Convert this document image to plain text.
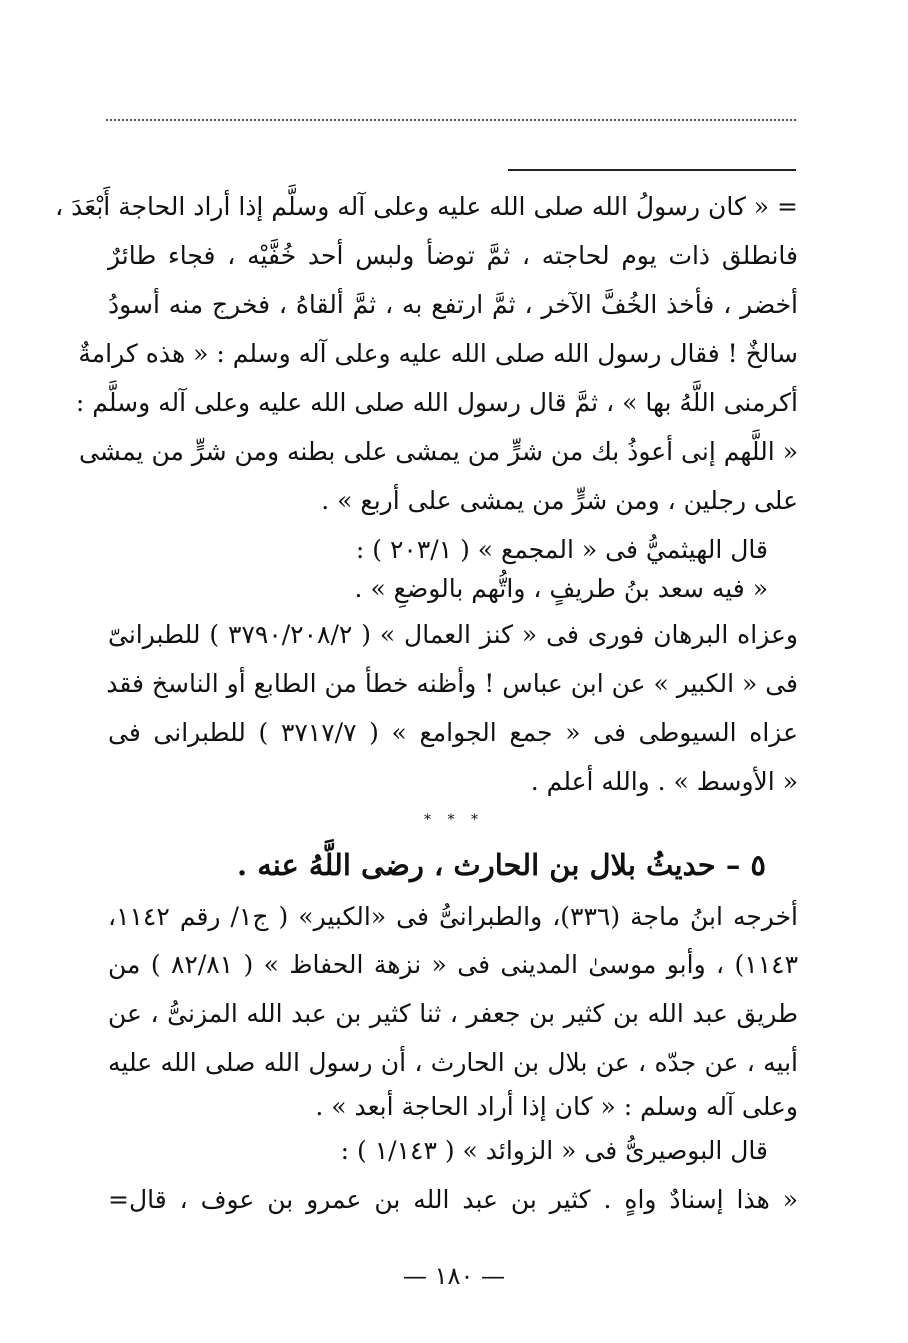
= « كان رسولُ الله صلى الله عليه وعلى آله وسلَّم إذا أراد الحاجة أَبْعَدَ ،
فانطلق ذات يوم لحاجته ، ثمَّ توضأ ولبس أحد خُفَّيْه ، فجاء طائرٌ
أخضر ، فأخذ الخُفَّ الآخر ، ثمَّ ارتفع به ، ثمَّ ألقاهُ ، فخرج منه أسودُ
سالخٌ ! فقال رسول الله صلى الله عليه وعلى آله وسلم : « هذه كرامةٌ
أكرمنى اللَّهُ بها » ، ثمَّ قال رسول الله صلى الله عليه وعلى آله وسلَّم :
« اللَّهم إنى أعوذُ بك من شرٍّ من يمشى على بطنه ومن شرٍّ من يمشى
على رجلين ، ومن شرٍّ من يمشى على أربع » .
قال الهيثميُّ فى « المجمع » ( ٢٠٣/١ ) :
« فيه سعد بنُ طريفٍ ، واتُّهم بالوضعِ » .
وعزاه البرهان فورى فى « كنز العمال » ( ٣٧٩٠/٢٠٨/٢ ) للطبرانىّ
فى « الكبير » عن ابن عباس ! وأظنه خطأ من الطابع أو الناسخ فقد
عزاه السيوطى فى « جمع الجوامع » ( ٣٧١٧/٧ ) للطبرانى فى
« الأوسط » . والله أعلم .
* * *
٥ – حديثُ بلال بن الحارث ، رضى اللَّهُ عنه .
أخرجه ابنُ ماجة (٣٣٦)، والطبرانىُّ فى «الكبير» ( ج١/ رقم ١١٤٢،
١١٤٣) ، وأبو موسىٰ المدينى فى « نزهة الحفاظ » ( ٨٢/٨١ ) من
طريق عبد الله بن كثير بن جعفر ، ثنا كثير بن عبد الله المزنىُّ ، عن
أبيه ، عن جدّه ، عن بلال بن الحارث ، أن رسول الله صلى الله عليه
وعلى آله وسلم : « كان إذا أراد الحاجة أبعد » .
قال البوصيرىُّ فى « الزوائد » ( ١/١٤٣ ) :
« هذا إسنادٌ واهٍ . كثير بن عبد الله بن عمرو بن عوف ، قال=
— ١٨٠ —
